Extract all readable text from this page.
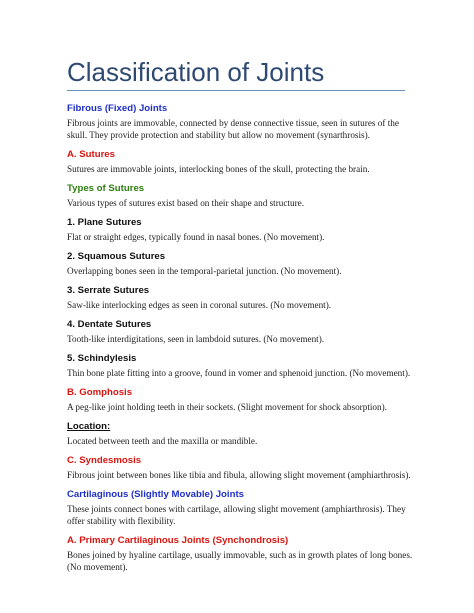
Classification of Joints
Fibrous (Fixed) Joints
Fibrous joints are immovable, connected by dense connective tissue, seen in sutures of the skull. They provide protection and stability but allow no movement (synarthrosis).
A. Sutures
Sutures are immovable joints, interlocking bones of the skull, protecting the brain.
Types of Sutures
Various types of sutures exist based on their shape and structure.
1. Plane Sutures
Flat or straight edges, typically found in nasal bones. (No movement).
2. Squamous Sutures
Overlapping bones seen in the temporal-parietal junction. (No movement).
3. Serrate Sutures
Saw-like interlocking edges as seen in coronal sutures. (No movement).
4. Dentate Sutures
Tooth-like interdigitations, seen in lambdoid sutures. (No movement).
5. Schindylesis
Thin bone plate fitting into a groove, found in vomer and sphenoid junction. (No movement).
B. Gomphosis
A peg-like joint holding teeth in their sockets. (Slight movement for shock absorption).
Location:
Located between teeth and the maxilla or mandible.
C. Syndesmosis
Fibrous joint between bones like tibia and fibula, allowing slight movement (amphiarthrosis).
Cartilaginous (Slightly Movable) Joints
These joints connect bones with cartilage, allowing slight movement (amphiarthrosis). They offer stability with flexibility.
A. Primary Cartilaginous Joints (Synchondrosis)
Bones joined by hyaline cartilage, usually immovable, such as in growth plates of long bones. (No movement).
